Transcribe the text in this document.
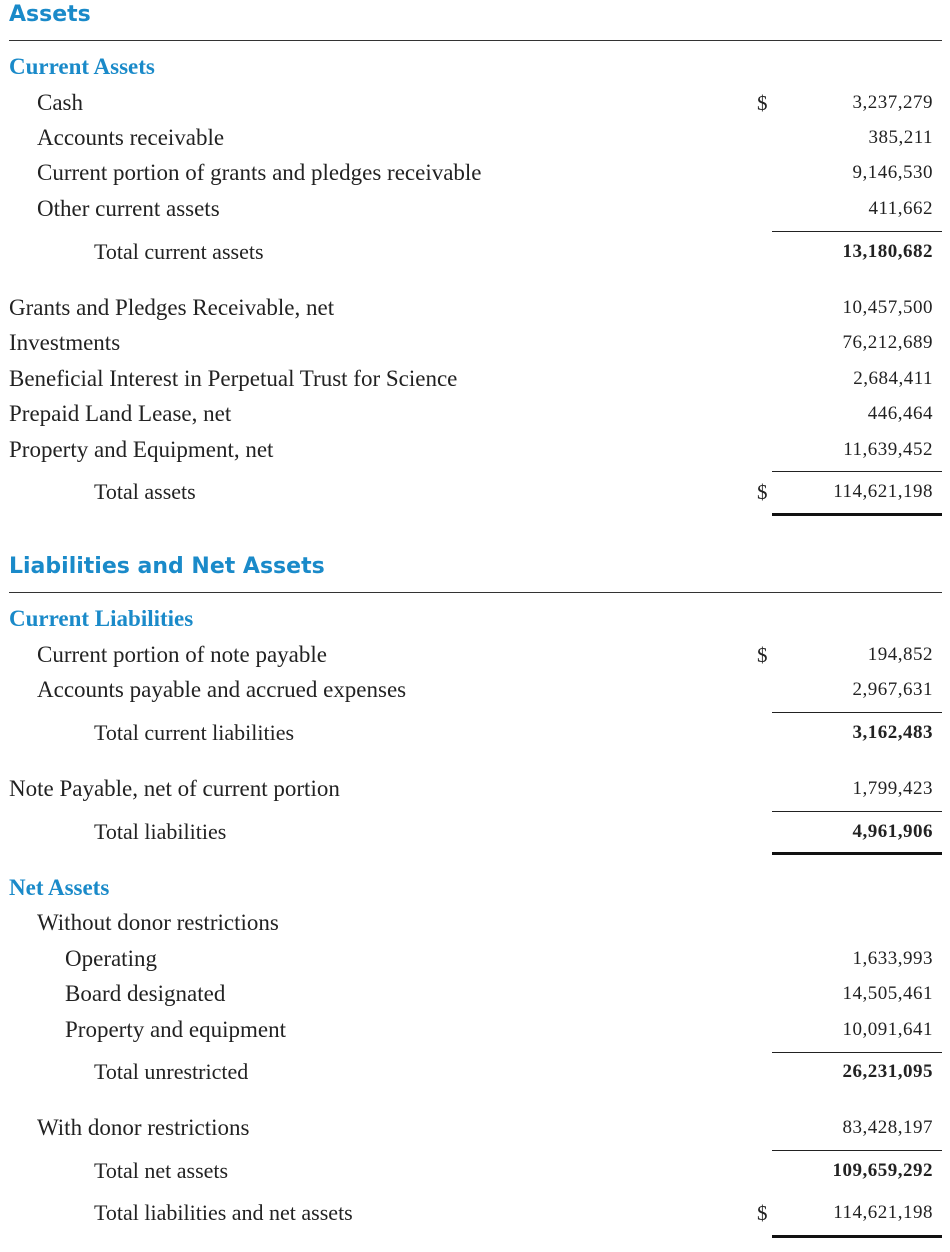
Assets
Current Assets
Cash	$	3,237,279
Accounts receivable	385,211
Current portion of grants and pledges receivable	9,146,530
Other current assets	411,662
Total current assets	13,180,682
Grants and Pledges Receivable, net	10,457,500
Investments	76,212,689
Beneficial Interest in Perpetual Trust for Science	2,684,411
Prepaid Land Lease, net	446,464
Property and Equipment, net	11,639,452
Total assets	$	114,621,198
Liabilities and Net Assets
Current Liabilities
Current portion of note payable	$	194,852
Accounts payable and accrued expenses	2,967,631
Total current liabilities	3,162,483
Note Payable, net of current portion	1,799,423
Total liabilities	4,961,906
Net Assets
Without donor restrictions
Operating	1,633,993
Board designated	14,505,461
Property and equipment	10,091,641
Total unrestricted	26,231,095
With donor restrictions	83,428,197
Total net assets	109,659,292
Total liabilities and net assets	$	114,621,198
